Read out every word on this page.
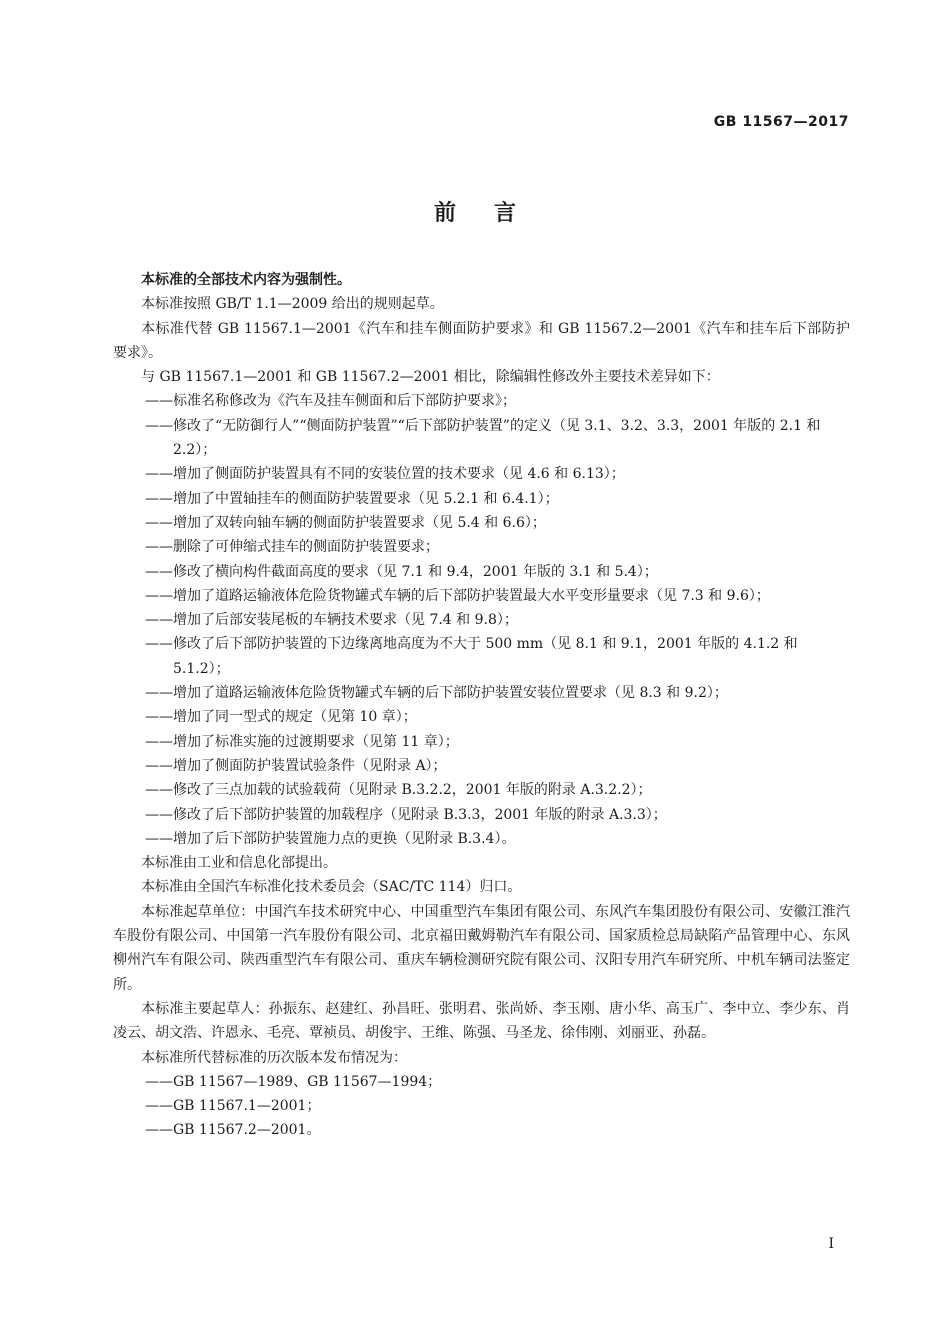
GB 11567—2017
前言

本标准的全部技术内容为强制性。

本标准按照 GB/T 1.1—2009 给出的规则起草。

本标准代替 GB 11567.1—2001《汽车和挂车侧面防护要求》和 GB 11567.2—2001《汽车和挂车后下部防护要求》。

与 GB 11567.1—2001 和 GB 11567.2—2001 相比，除编辑性修改外主要技术差异如下：

——标准名称修改为《汽车及挂车侧面和后下部防护要求》；

——修改了“无防御行人”“侧面防护装置”“后下部防护装置”的定义（见 3.1、3.2、3.3，2001 年版的 2.1 和 2.2）；

——增加了侧面防护装置具有不同的安装位置的技术要求（见 4.6 和 6.13）；

——增加了中置轴挂车的侧面防护装置要求（见 5.2.1 和 6.4.1）；

——增加了双转向轴车辆的侧面防护装置要求（见 5.4 和 6.6）；

——删除了可伸缩式挂车的侧面防护装置要求；

——修改了横向构件截面高度的要求（见 7.1 和 9.4，2001 年版的 3.1 和 5.4）；

——增加了道路运输液体危险货物罐式车辆的后下部防护装置最大水平变形量要求（见 7.3 和 9.6）；

——增加了后部安装尾板的车辆技术要求（见 7.4 和 9.8）；

——修改了后下部防护装置的下边缘离地高度为不大于 500 mm（见 8.1 和 9.1，2001 年版的 4.1.2 和 5.1.2）；

——增加了道路运输液体危险货物罐式车辆的后下部防护装置安装位置要求（见 8.3 和 9.2）；

——增加了同一型式的规定（见第 10 章）；

——增加了标准实施的过渡期要求（见第 11 章）；

——增加了侧面防护装置试验条件（见附录 A）；

——修改了三点加载的试验载荷（见附录 B.3.2.2，2001 年版的附录 A.3.2.2）；

——修改了后下部防护装置的加载程序（见附录 B.3.3，2001 年版的附录 A.3.3）；

——增加了后下部防护装置施力点的更换（见附录 B.3.4）。

本标准由工业和信息化部提出。

本标准由全国汽车标准化技术委员会（SAC/TC 114）归口。

本标准起草单位：中国汽车技术研究中心、中国重型汽车集团有限公司、东风汽车集团股份有限公司、安徽江淮汽车股份有限公司、中国第一汽车股份有限公司、北京福田戴姆勒汽车有限公司、国家质检总局缺陷产品管理中心、东风柳州汽车有限公司、陕西重型汽车有限公司、重庆车辆检测研究院有限公司、汉阳专用汽车研究所、中机车辆司法鉴定所。

本标准主要起草人：孙振东、赵建红、孙昌旺、张明君、张尚娇、李玉刚、唐小华、高玉广、李中立、李少东、肖凌云、胡文浩、许恩永、毛亮、覃祯员、胡俊宇、王维、陈强、马圣龙、徐伟刚、刘丽亚、孙磊。

本标准所代替标准的历次版本发布情况为：

——GB 11567—1989、GB 11567—1994；

——GB 11567.1—2001；

——GB 11567.2—2001。

I
